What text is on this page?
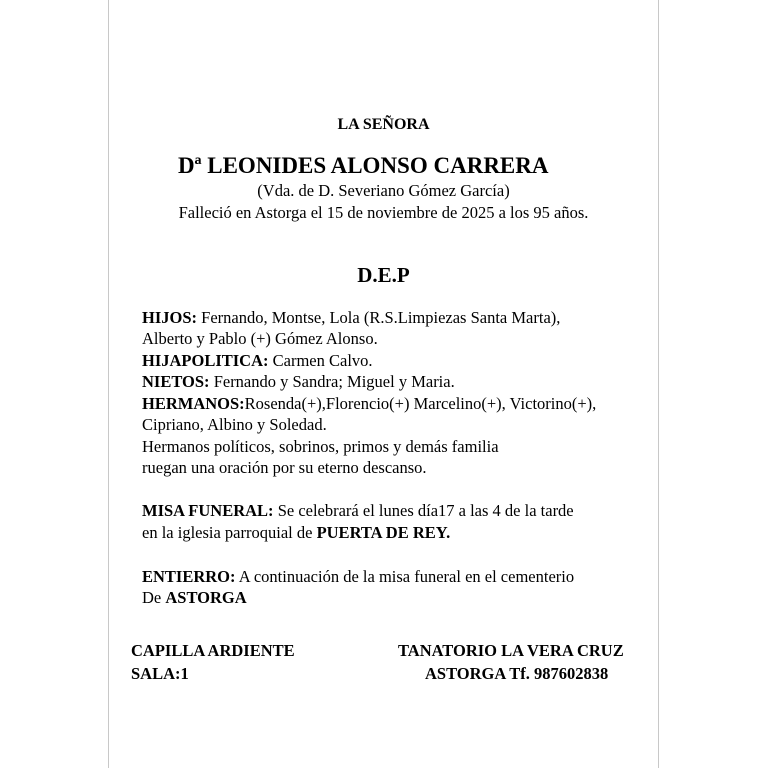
LA SEÑORA
Dª LEONIDES ALONSO CARRERA
(Vda. de D. Severiano Gómez García)
Falleció en Astorga el 15 de noviembre de 2025 a los 95 años.
D.E.P
HIJOS: Fernando, Montse, Lola (R.S.Limpiezas Santa Marta),
Alberto y Pablo (+) Gómez Alonso.
HIJAPOLITICA: Carmen Calvo.
NIETOS: Fernando y Sandra; Miguel y Maria.
HERMANOS:Rosenda(+),Florencio(+) Marcelino(+), Victorino(+),
Cipriano, Albino y Soledad.
Hermanos políticos, sobrinos, primos y demás familia
ruegan una oración por su eterno descanso.
MISA FUNERAL: Se celebrará el lunes día17 a las 4 de la tarde
en la iglesia parroquial de PUERTA DE REY.
ENTIERRO: A continuación de la misa funeral en el cementerio
De ASTORGA
CAPILLA ARDIENTE
SALA:1
TANATORIO LA VERA CRUZ
ASTORGA Tf. 987602838
